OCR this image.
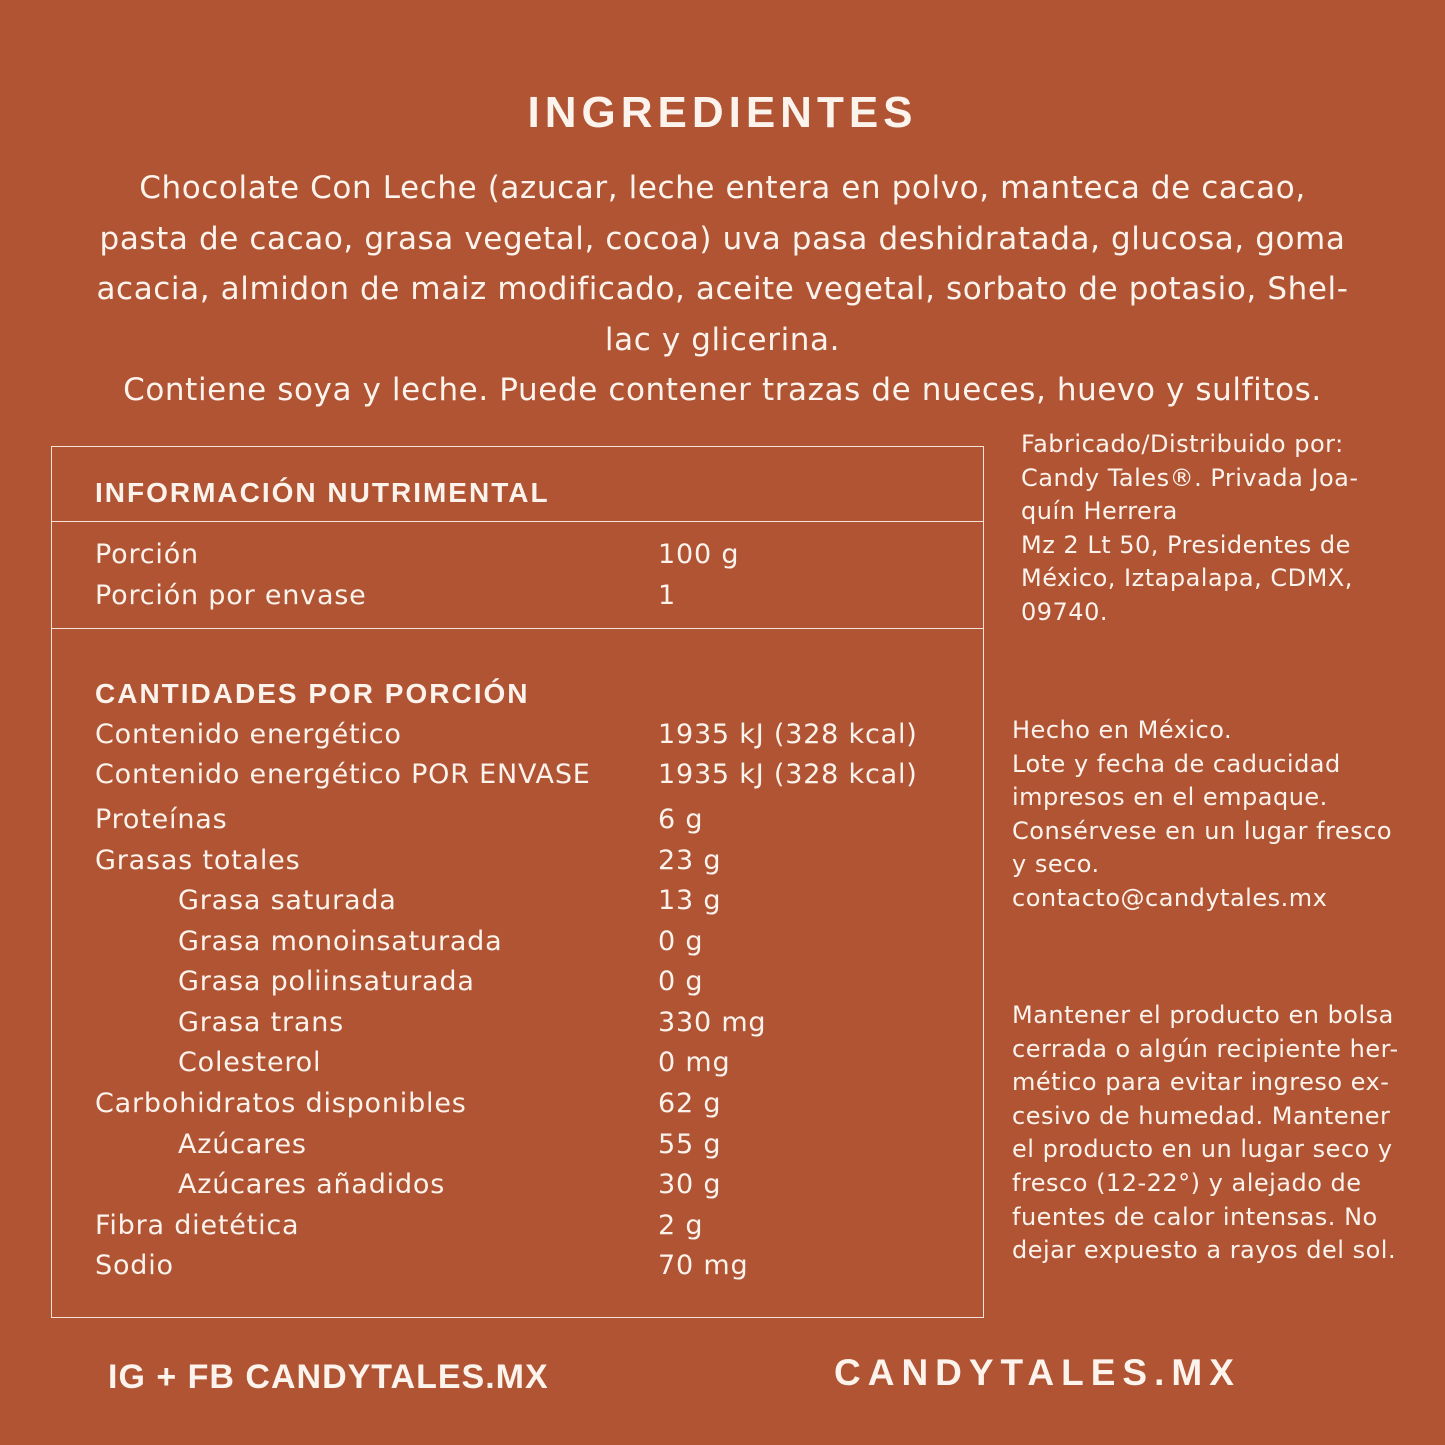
INGREDIENTES
Chocolate Con Leche (azucar, leche entera en polvo, manteca de cacao,
pasta de cacao, grasa vegetal, cocoa) uva pasa deshidratada, glucosa, goma
acacia, almidon de maiz modificado, aceite vegetal, sorbato de potasio, Shel-
lac y glicerina.
Contiene soya y leche. Puede contener trazas de nueces, huevo y sulfitos.
INFORMACIÓN NUTRIMENTAL
Porción	100 g
Porción por envase	1
CANTIDADES POR PORCIÓN
Contenido energético	1935 kJ (328 kcal)
Contenido energético POR ENVASE 1935 kJ (328 kcal)
Proteínas	6 g
Grasas totales	23 g
Grasa saturada	13 g
Grasa monoinsaturada	0 g
Grasa poliinsaturada	0 g
Grasa trans	330 mg
Colesterol	0 mg
Carbohidratos disponibles	62 g
Azúcares	55 g
Azúcares añadidos	30 g
Fibra dietética	2 g
Sodio	70 mg
Fabricado/Distribuido por:
Candy Tales®. Privada Joa-
quín Herrera
Mz 2 Lt 50, Presidentes de
México, Iztapalapa, CDMX,
09740.
Hecho en México.
Lote y fecha de caducidad
impresos en el empaque.
Consérvese en un lugar fresco
y seco.
contacto@candytales.mx
Mantener el producto en bolsa
cerrada o algún recipiente her-
mético para evitar ingreso ex-
cesivo de humedad. Mantener
el producto en un lugar seco y
fresco (12-22°) y alejado de
fuentes de calor intensas. No
dejar expuesto a rayos del sol.
IG + FB CANDYTALES.MX	CANDYTALES.MX
